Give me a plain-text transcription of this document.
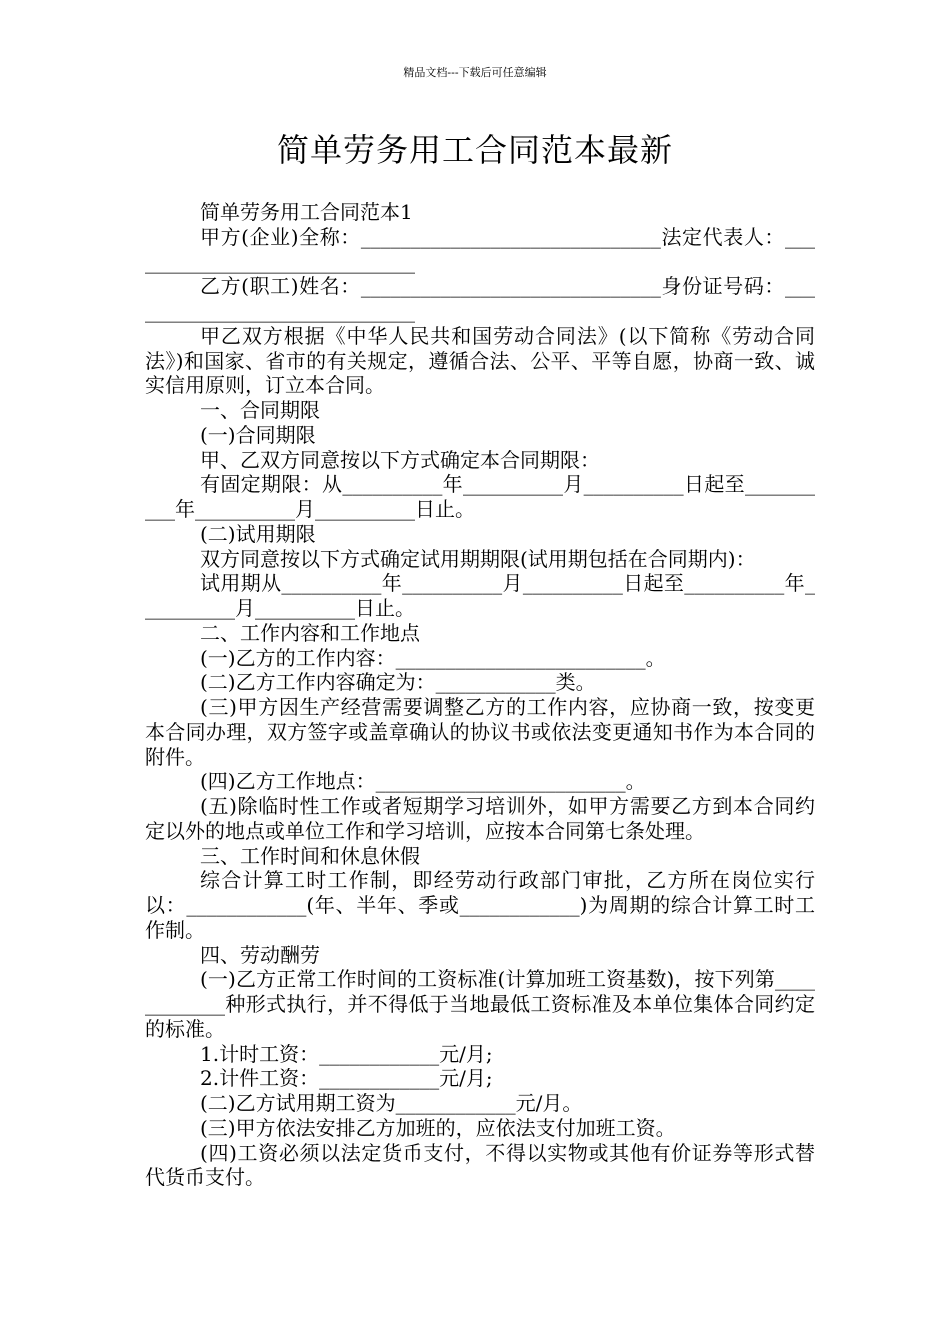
精品文档---下载后可任意编辑
简单劳务用工合同范本最新

简单劳务用工合同范本1

甲方(企业)全称：______________________________法定代表人：______________________________

乙方(职工)姓名：______________________________身份证号码：______________________________

甲乙双方根据《中华人民共和国劳动合同法》(以下简称《劳动合同法》)和国家、省市的有关规定，遵循合法、公平、平等自愿，协商一致、诚实信用原则，订立本合同。

一、合同期限

(一)合同期限

甲、乙双方同意按以下方式确定本合同期限：

有固定期限：从__________年__________月__________日起至__________年__________月__________日止。

(二)试用期限

双方同意按以下方式确定试用期期限(试用期包括在合同期内)：

试用期从__________年__________月__________日起至__________年__________月__________日止。

二、工作内容和工作地点

(一)乙方的工作内容：_________________________。

(二)乙方工作内容确定为：____________类。

(三)甲方因生产经营需要调整乙方的工作内容，应协商一致，按变更本合同办理，双方签字或盖章确认的协议书或依法变更通知书作为本合同的附件。

(四)乙方工作地点：_________________________。

(五)除临时性工作或者短期学习培训外，如甲方需要乙方到本合同约定以外的地点或单位工作和学习培训，应按本合同第七条处理。

三、工作时间和休息休假

综合计算工时工作制，即经劳动行政部门审批，乙方所在岗位实行以：____________(年、半年、季或____________)为周期的综合计算工时工作制。

四、劳动酬劳

(一)乙方正常工作时间的工资标准(计算加班工资基数)，按下列第____________种形式执行，并不得低于当地最低工资标准及本单位集体合同约定的标准。

1.计时工资：____________元/月;

2.计件工资：____________元/月;

(二)乙方试用期工资为____________元/月。

(三)甲方依法安排乙方加班的，应依法支付加班工资。

(四)工资必须以法定货币支付，不得以实物或其他有价证券等形式替代货币支付。
